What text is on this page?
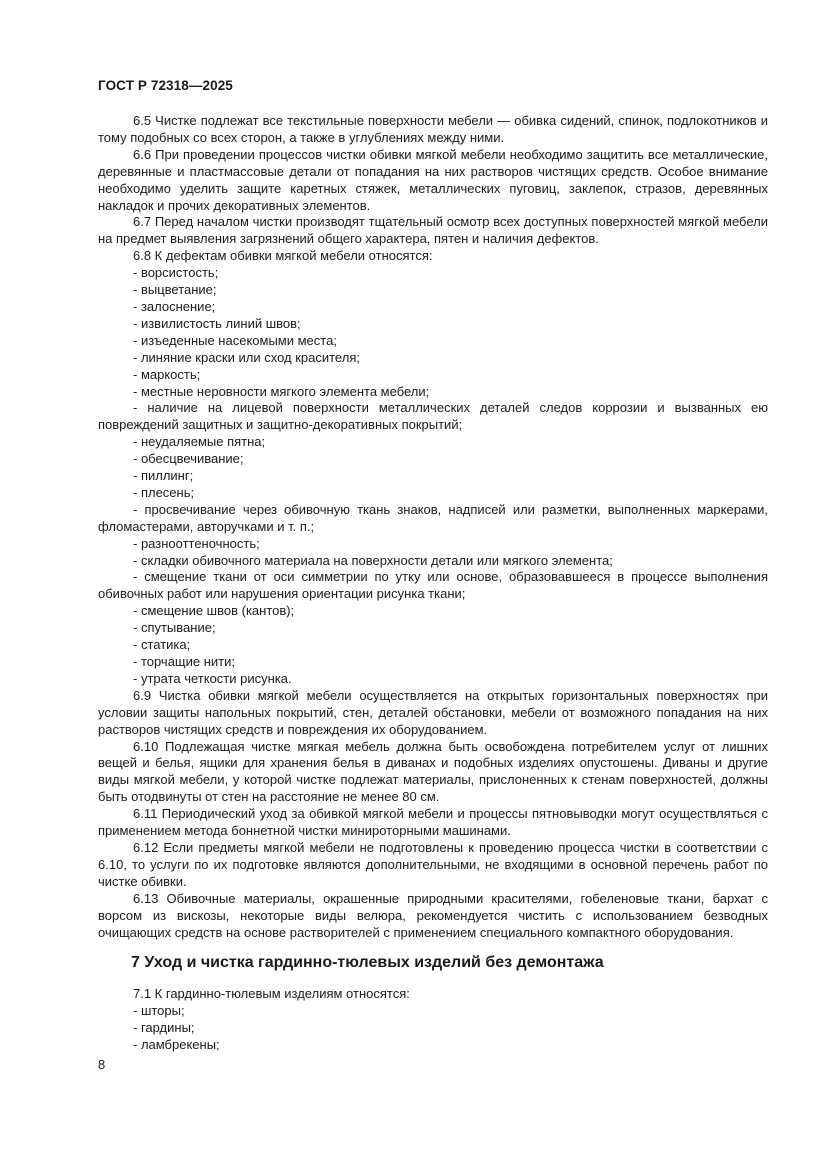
ГОСТ Р 72318—2025

6.5 Чистке подлежат все текстильные поверхности мебели — обивка сидений, спинок, подлокотников и тому подобных со всех сторон, а также в углублениях между ними.

6.6 При проведении процессов чистки обивки мягкой мебели необходимо защитить все металлические, деревянные и пластмассовые детали от попадания на них растворов чистящих средств. Особое внимание необходимо уделить защите каретных стяжек, металлических пуговиц, заклепок, стразов, деревянных накладок и прочих декоративных элементов.

6.7 Перед началом чистки производят тщательный осмотр всех доступных поверхностей мягкой мебели на предмет выявления загрязнений общего характера, пятен и наличия дефектов.

6.8 К дефектам обивки мягкой мебели относятся:

- ворсистость;

- выцветание;

- залоснение;

- извилистость линий швов;

- изъеденные насекомыми места;

- линяние краски или сход красителя;

- маркость;

- местные неровности мягкого элемента мебели;

- наличие на лицевой поверхности металлических деталей следов коррозии и вызванных ею повреждений защитных и защитно-декоративных покрытий;

- неудаляемые пятна;

- обесцвечивание;

- пиллинг;

- плесень;

- просвечивание через обивочную ткань знаков, надписей или разметки, выполненных маркерами, фломастерами, авторучками и т. п.;

- разнооттеночность;

- складки обивочного материала на поверхности детали или мягкого элемента;

- смещение ткани от оси симметрии по утку или основе, образовавшееся в процессе выполнения обивочных работ или нарушения ориентации рисунка ткани;

- смещение швов (кантов);

- спутывание;

- статика;

- торчащие нити;

- утрата четкости рисунка.

6.9 Чистка обивки мягкой мебели осуществляется на открытых горизонтальных поверхностях при условии защиты напольных покрытий, стен, деталей обстановки, мебели от возможного попадания на них растворов чистящих средств и повреждения их оборудованием.

6.10 Подлежащая чистке мягкая мебель должна быть освобождена потребителем услуг от лишних вещей и белья, ящики для хранения белья в диванах и подобных изделиях опустошены. Диваны и другие виды мягкой мебели, у которой чистке подлежат материалы, прислоненных к стенам поверхностей, должны быть отодвинуты от стен на расстояние не менее 80 см.

6.11 Периодический уход за обивкой мягкой мебели и процессы пятновыводки могут осуществляться с применением метода боннетной чистки минироторными машинами.

6.12 Если предметы мягкой мебели не подготовлены к проведению процесса чистки в соответствии с 6.10, то услуги по их подготовке являются дополнительными, не входящими в основной перечень работ по чистке обивки.

6.13 Обивочные материалы, окрашенные природными красителями, гобеленовые ткани, бархат с ворсом из вискозы, некоторые виды велюра, рекомендуется чистить с использованием безводных очищающих средств на основе растворителей с применением специального компактного оборудования.

7 Уход и чистка гардинно-тюлевых изделий без демонтажа

7.1 К гардинно-тюлевым изделиям относятся:

- шторы;

- гардины;

- ламбрекены;

8
